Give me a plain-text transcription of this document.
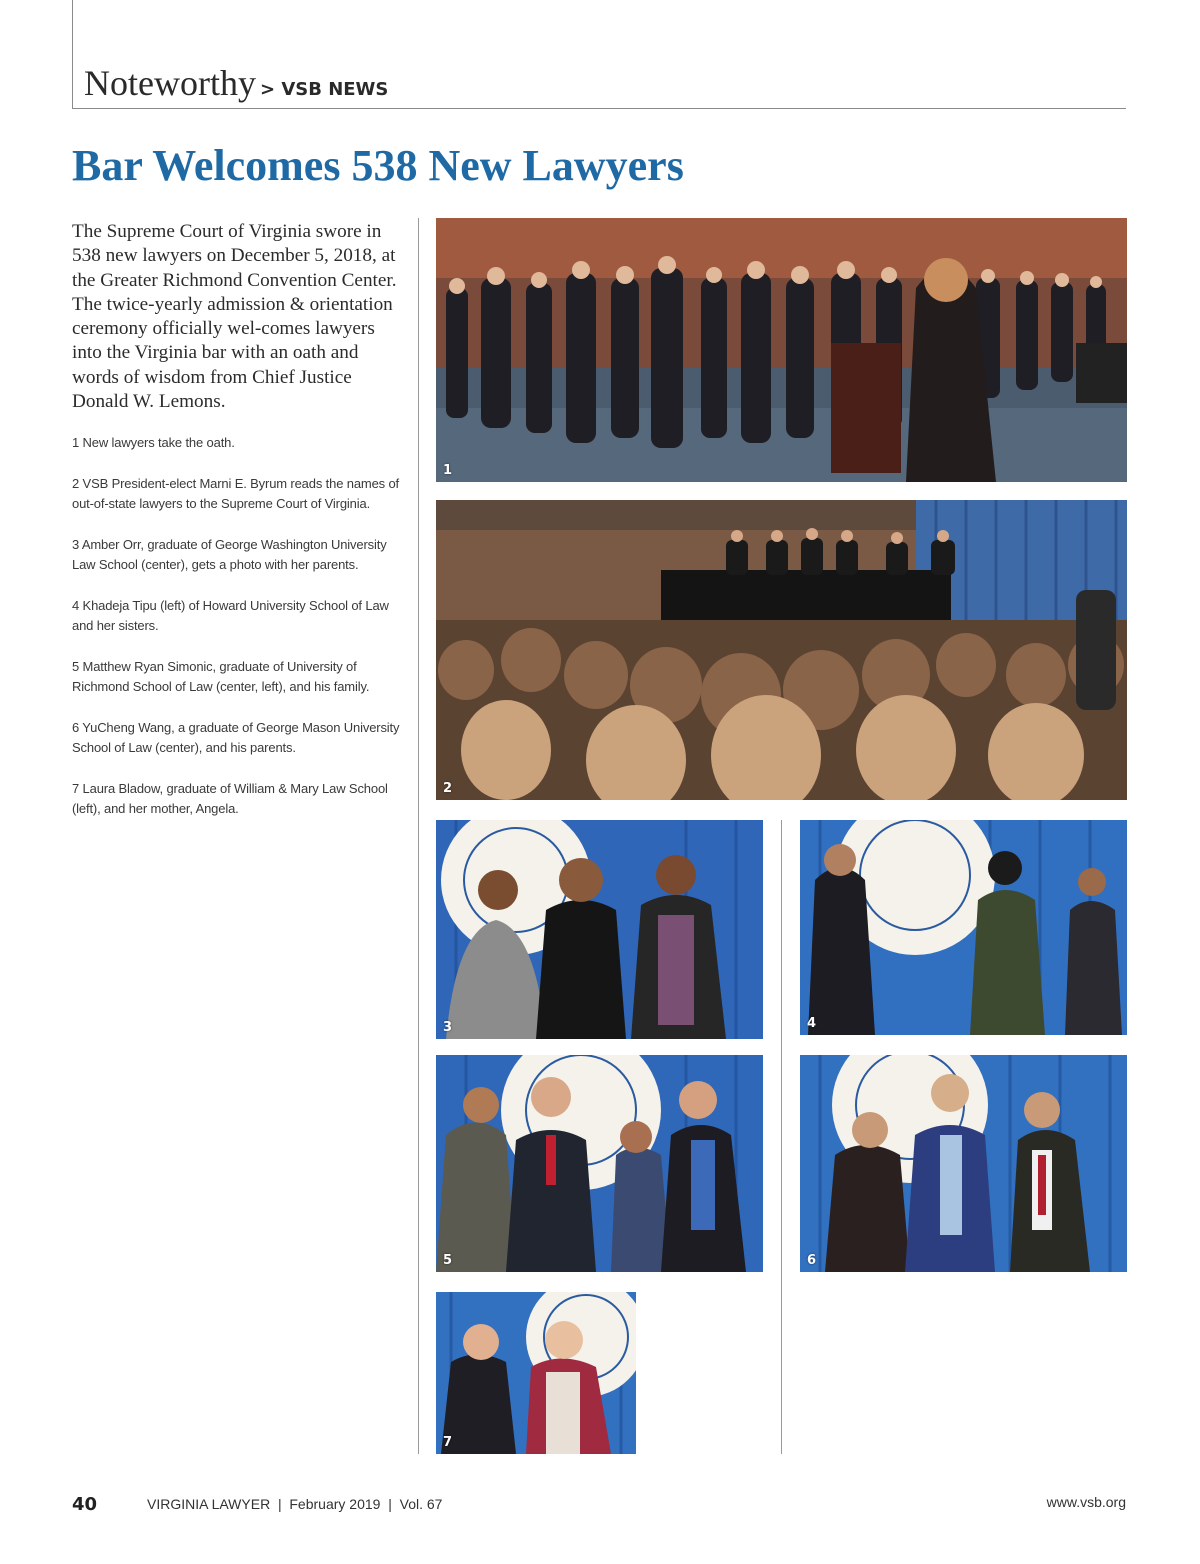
Noteworthy > VSB NEWS
Bar Welcomes 538 New Lawyers

The Supreme Court of Virginia swore in 538 new lawyers on December 5, 2018, at the Greater Richmond Convention Center. The twice-yearly admission & orientation ceremony officially wel-comes lawyers into the Virginia bar with an oath and words of wisdom from Chief Justice Donald W. Lemons.

1 New lawyers take the oath.

2 VSB President-elect Marni E. Byrum reads the names of out-of-state lawyers to the Supreme Court of Virginia.

3 Amber Orr, graduate of George Washington University Law School (center), gets a photo with her parents.

4 Khadeja Tipu (left) of Howard University School of Law and her sisters.

5 Matthew Ryan Simonic, graduate of University of Richmond School of Law (center, left), and his family.

6 YuCheng Wang, a graduate of George Mason University School of Law (center), and his parents.

7 Laura Bladow, graduate of William & Mary Law School (left), and her mother, Angela.

1
2
3	4
5	6
7
40	VIRGINIA LAWYER  |  February 2019  |  Vol. 67	www.vsb.org
